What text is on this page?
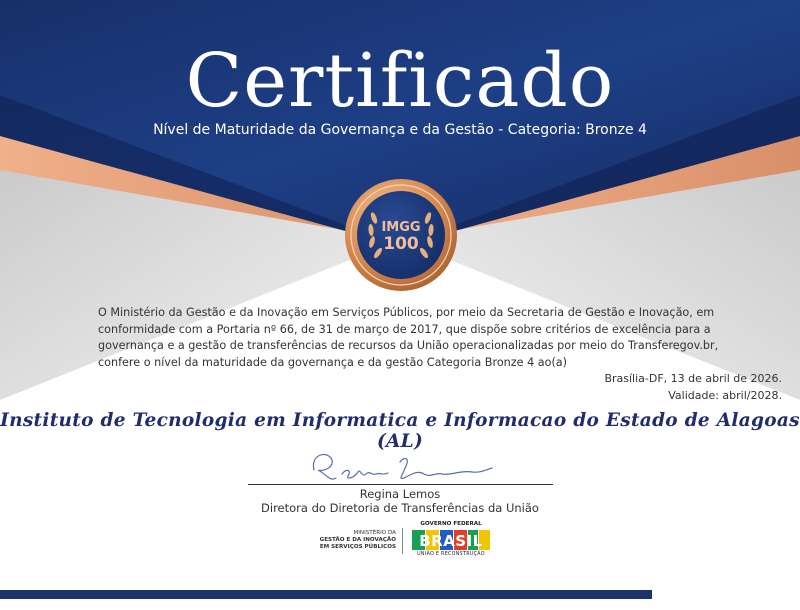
Certificado
Nível de Maturidade da Governança e da Gestão - Categoria: Bronze 4
IMGG
100

O Ministério da Gestão e da Inovação em Serviços Públicos, por meio da Secretaria de Gestão e Inovação, em conformidade com a Portaria nº 66, de 31 de março de 2017, que dispõe sobre critérios de excelência para a governança e a gestão de transferências de recursos da União operacionalizadas por meio do Transferegov.br, confere o nível da maturidade da governança e da gestão Categoria Bronze 4 ao(a)

Brasília-DF, 13 de abril de 2026.
Validade: abril/2028.
Instituto de Tecnologia em Informatica e Informacao do Estado de Alagoas (AL)
Regina Lemos
Diretora do Diretoria de Transferências da União
MINISTÉRIO DA
GESTÃO E DA INOVAÇÃO
EM SERVIÇOS PÚBLICOS
GOVERNO FEDERAL
BRASIL
UNIÃO E RECONSTRUÇÃO
